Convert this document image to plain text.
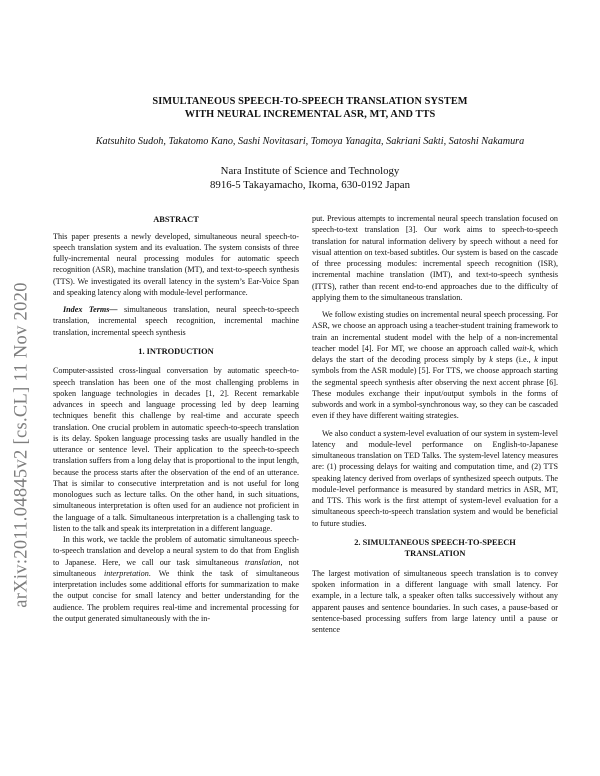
arXiv:2011.04845v2 [cs.CL] 11 Nov 2020
SIMULTANEOUS SPEECH-TO-SPEECH TRANSLATION SYSTEM
WITH NEURAL INCREMENTAL ASR, MT, AND TTS
Katsuhito Sudoh, Takatomo Kano, Sashi Novitasari, Tomoya Yanagita, Sakriani Sakti, Satoshi Nakamura
Nara Institute of Science and Technology
8916-5 Takayamacho, Ikoma, 630-0192 Japan
ABSTRACT

This paper presents a newly developed, simultaneous neural speech-to-speech translation system and its evaluation. The system consists of three fully-incremental neural processing modules for automatic speech recognition (ASR), machine translation (MT), and text-to-speech synthesis (TTS). We investigated its overall latency in the system’s Ear-Voice Span and speaking latency along with module-level performance.

Index Terms— simultaneous translation, neural speech-to-speech translation, incremental speech recognition, incremental machine translation, incremental speech synthesis

1. INTRODUCTION

Computer-assisted cross-lingual conversation by automatic speech-to-speech translation has been one of the most challenging problems in spoken language technologies in decades [1, 2]. Recent remarkable advances in speech and language processing led by deep learning techniques benefit this challenge by real-time and accurate speech translation. One crucial problem in automatic speech-to-speech translation is its delay. Spoken language processing tasks are usually handled in the utterance or sentence level. Their application to the speech-to-speech translation suffers from a long delay that is proportional to the input length, because the process starts after the observation of the end of an utterance. That is similar to consecutive interpretation and is not useful for long monologues such as lecture talks. On the other hand, in such situations, simultaneous interpretation is often used for an audience not proficient in the language of a talk. Simultaneous interpretation is a challenging task to listen to the talk and speak its interpretation in a different language.

In this work, we tackle the problem of automatic simultaneous speech-to-speech translation and develop a neural system to do that from English to Japanese. Here, we call our task simultaneous translation, not simultaneous interpretation. We think the task of simultaneous interpretation includes some additional efforts for summarization to make the output concise for small latency and better understanding for the audience. The problem requires real-time and incremental processing for the output generated simultaneously with the in-

put. Previous attempts to incremental neural speech translation focused on speech-to-text translation [3]. Our work aims to speech-to-speech translation for natural information delivery by speech without a need for visual attention on text-based subtitles. Our system is based on the cascade of three processing modules: incremental speech recognition (ISR), incremental machine translation (IMT), and text-to-speech synthesis (ITTS), rather than recent end-to-end approaches due to the difficulty of applying them to the simultaneous translation.

We follow existing studies on incremental neural speech processing. For ASR, we choose an approach using a teacher-student training framework to train an incremental student model with the help of a non-incremental teacher model [4]. For MT, we choose an approach called wait-k, which delays the start of the decoding process simply by k steps (i.e., k input symbols from the ASR module) [5]. For TTS, we choose approach starting the segmental speech synthesis after observing the next accent phrase [6]. These modules exchange their input/output symbols in the forms of subwords and work in a symbol-synchronous way, so they can be cascaded even if they have different waiting strategies.

We also conduct a system-level evaluation of our system in system-level latency and module-level performance on English-to-Japanese simultaneous translation on TED Talks. The system-level latency measures are: (1) processing delays for waiting and computation time, and (2) TTS speaking latency derived from overlaps of synthesized speech outputs. The module-level performance is measured by standard metrics in ASR, MT, and TTS. This work is the first attempt of system-level evaluation for a simultaneous speech-to-speech translation system and would be beneficial to future studies.

2. SIMULTANEOUS SPEECH-TO-SPEECH
TRANSLATION

The largest motivation of simultaneous speech translation is to convey spoken information in a different language with small latency. For example, in a lecture talk, a speaker often talks successively without any apparent pauses and sentence boundaries. In such cases, a pause-based or sentence-based processing suffers from large latency until a pause or sentence
